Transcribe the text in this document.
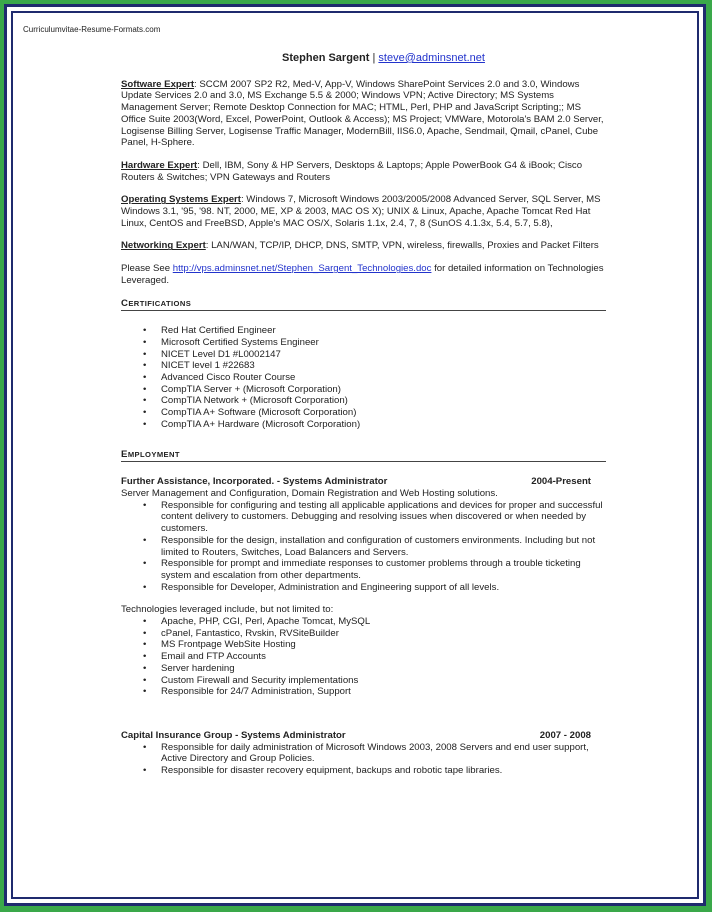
Curriculumvitae-Resume-Formats.com
Stephen Sargent | steve@adminsnet.net

Software Expert: SCCM 2007 SP2 R2, Med-V, App-V, Windows SharePoint Services 2.0 and 3.0, Windows Update Services 2.0 and 3.0, MS Exchange 5.5 & 2000; Windows VPN; Active Directory; MS Systems Management Server; Remote Desktop Connection for MAC; HTML, Perl, PHP and JavaScript Scripting;; MS Office Suite 2003(Word, Excel, PowerPoint, Outlook & Access); MS Project; VMWare, Motorola's BAM 2.0 Server, Logisense Billing Server, Logisense Traffic Manager, ModernBill, IIS6.0, Apache, Sendmail, Qmail, cPanel, Cube Panel, H-Sphere.

Hardware Expert: Dell, IBM, Sony & HP Servers, Desktops & Laptops; Apple PowerBook G4 & iBook; Cisco Routers & Switches; VPN Gateways and Routers

Operating Systems Expert: Windows 7, Microsoft Windows 2003/2005/2008 Advanced Server, SQL Server, MS Windows 3.1, '95, '98. NT, 2000, ME, XP & 2003, MAC OS X); UNIX & Linux, Apache, Apache Tomcat Red Hat Linux, CentOS and FreeBSD, Apple's MAC OS/X, Solaris 1.1x, 2.4, 7, 8 (SunOS 4.1.3x, 5.4, 5.7, 5.8),

Networking Expert: LAN/WAN, TCP/IP, DHCP, DNS, SMTP, VPN, wireless, firewalls, Proxies and Packet Filters

Please See http://vps.adminsnet.net/Stephen_Sargent_Technologies.doc for detailed information on Technologies Leveraged.

CERTIFICATIONS
• Red Hat Certified Engineer
• Microsoft Certified Systems Engineer
• NICET Level D1 #L0002147
• NICET level 1 #22683
• Advanced Cisco Router Course
• CompTIA Server + (Microsoft Corporation)
• CompTIA Network + (Microsoft Corporation)
• CompTIA A+ Software (Microsoft Corporation)
• CompTIA A+ Hardware (Microsoft Corporation)
EMPLOYMENT
Further Assistance, Incorporated. - Systems Administrator	2004-Present
Server Management and Configuration, Domain Registration and Web Hosting solutions.
• Responsible for configuring and testing all applicable applications and devices for proper and successful content delivery to customers. Debugging and resolving issues when discovered or when needed by customers.
• Responsible for the design, installation and configuration of customers environments. Including but not limited to Routers, Switches, Load Balancers and Servers.
• Responsible for prompt and immediate responses to customer problems through a trouble ticketing system and escalation from other departments.
• Responsible for Developer, Administration and Engineering support of all levels.
Technologies leveraged include, but not limited to:
• Apache, PHP, CGI, Perl, Apache Tomcat, MySQL
• cPanel, Fantastico, Rvskin, RVSiteBuilder
• MS Frontpage WebSite Hosting
• Email and FTP Accounts
• Server hardening
• Custom Firewall and Security implementations
• Responsible for 24/7 Administration, Support
Capital Insurance Group - Systems Administrator	2007 - 2008
• Responsible for daily administration of Microsoft Windows 2003, 2008 Servers and end user support, Active Directory and Group Policies.
• Responsible for disaster recovery equipment, backups and robotic tape libraries.
